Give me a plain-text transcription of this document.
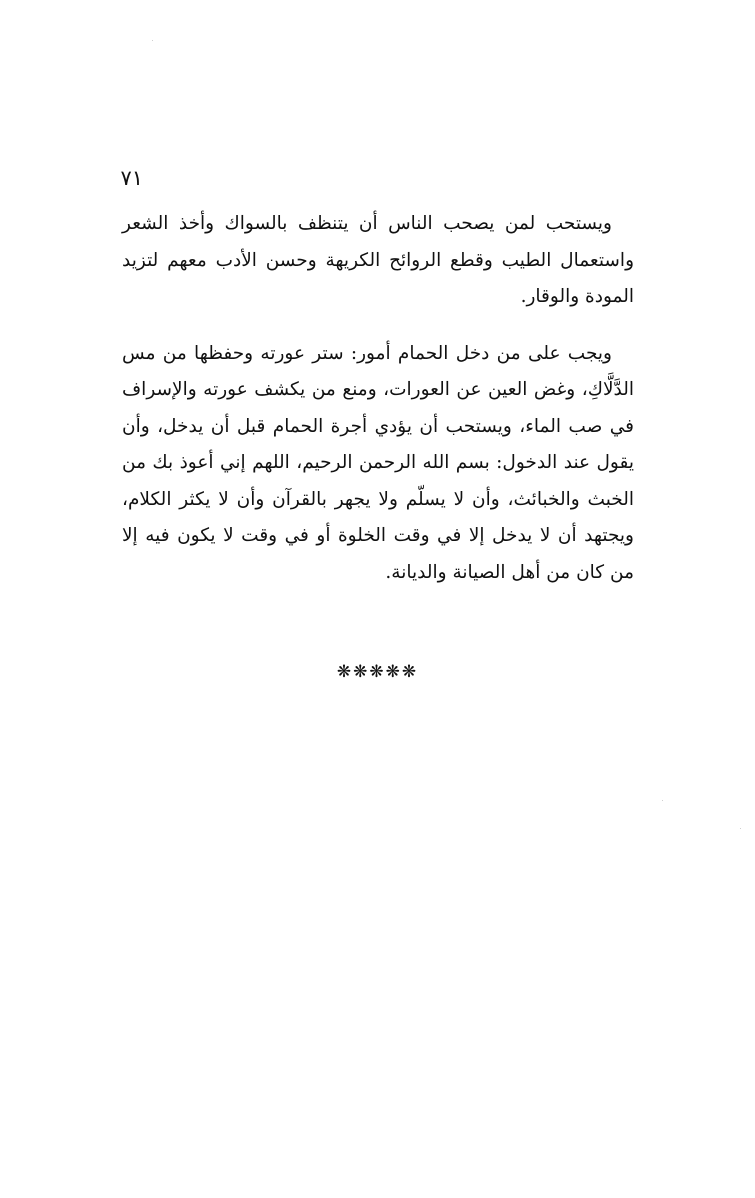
٧١

ويستحب لمن يصحب الناس أن يتنظف بالسواك وأخذ الشعر واستعمال الطيب وقطع الروائح الكريهة وحسن الأدب معهم لتزيد المودة والوقار.

ويجب على من دخل الحمام أمور: ستر عورته وحفظها من مس الدَّلَّاكِ، وغض العين عن العورات، ومنع من يكشف عورته والإسراف في صب الماء، ويستحب أن يؤدي أجرة الحمام قبل أن يدخل، وأن يقول عند الدخول: بسم الله الرحمن الرحيم، اللهم إني أعوذ بك من الخبث والخبائث، وأن لا يسلّم ولا يجهر بالقرآن وأن لا يكثر الكلام، ويجتهد أن لا يدخل إلا في وقت الخلوة أو في وقت لا يكون فيه إلا من كان من أهل الصيانة والديانة.

❋❋❋❋❋
